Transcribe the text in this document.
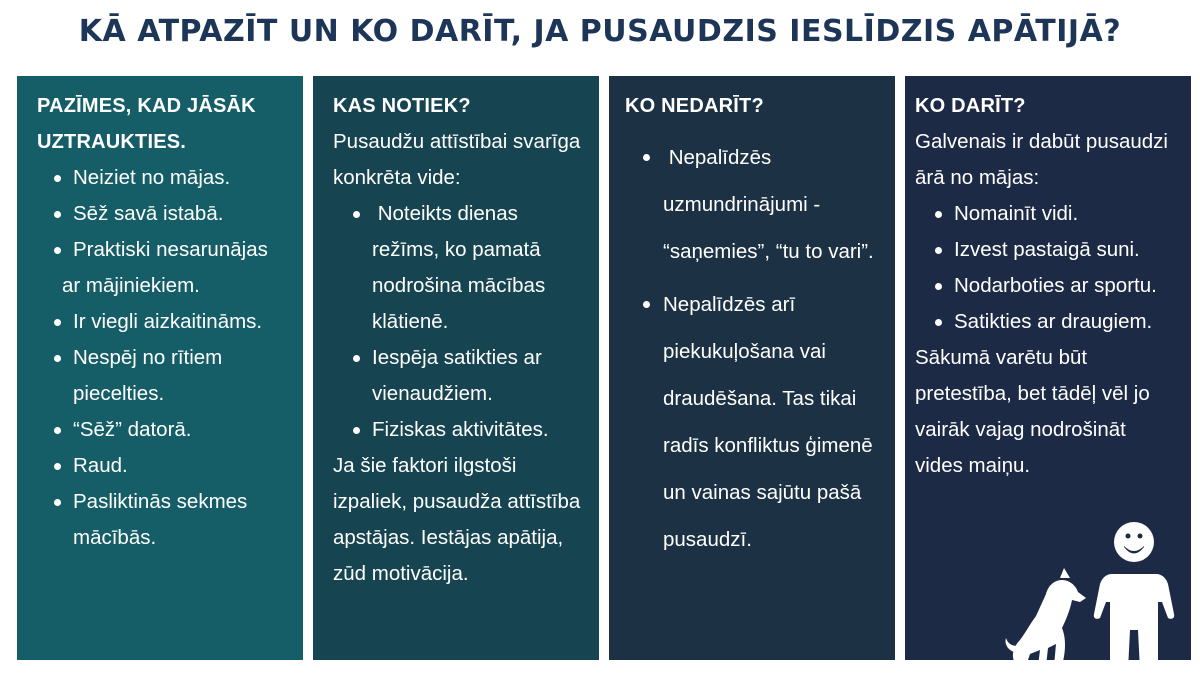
KĀ ATPAZĪT UN KO DARĪT, JA PUSAUDZIS IESLĪDZIS APĀTIJĀ?
PAZĪMES, KAD JĀSĀK UZTRAUKTIES.
Neiziet no mājas.
Sēž savā istabā.
Praktiski nesarunājas
ar mājiniekiem.
Ir viegli aizkaitināms.
Nespēj no rītiem piecelties.
“Sēž” datorā.
Raud.
Pasliktinās sekmes mācībās.
KAS NOTIEK?
Pusaudžu attīstībai svarīga konkrēta vide:
Noteikts dienas režīms, ko pamatā nodrošina mācības klātienē.
Iespēja satikties ar vienaudžiem.
Fiziskas aktivitātes.
Ja šie faktori ilgstoši izpaliek, pusaudža attīstība apstājas. Iestājas apātija, zūd motivācija.
KO NEDARĪT?
Nepalīdzēs uzmundrinājumi - “saņemies”, “tu to vari”.
Nepalīdzēs arī piekukuļošana vai draudēšana. Tas tikai radīs konfliktus ģimenē un vainas sajūtu pašā pusaudzī.
KO DARĪT?
Galvenais ir dabūt pusaudzi ārā no mājas:
Nomainīt vidi.
Izvest pastaigā suni.
Nodarboties ar sportu.
Satikties ar draugiem.
Sākumā varētu būt pretestība, bet tādēļ vēl jo vairāk vajag nodrošināt vides maiņu.
